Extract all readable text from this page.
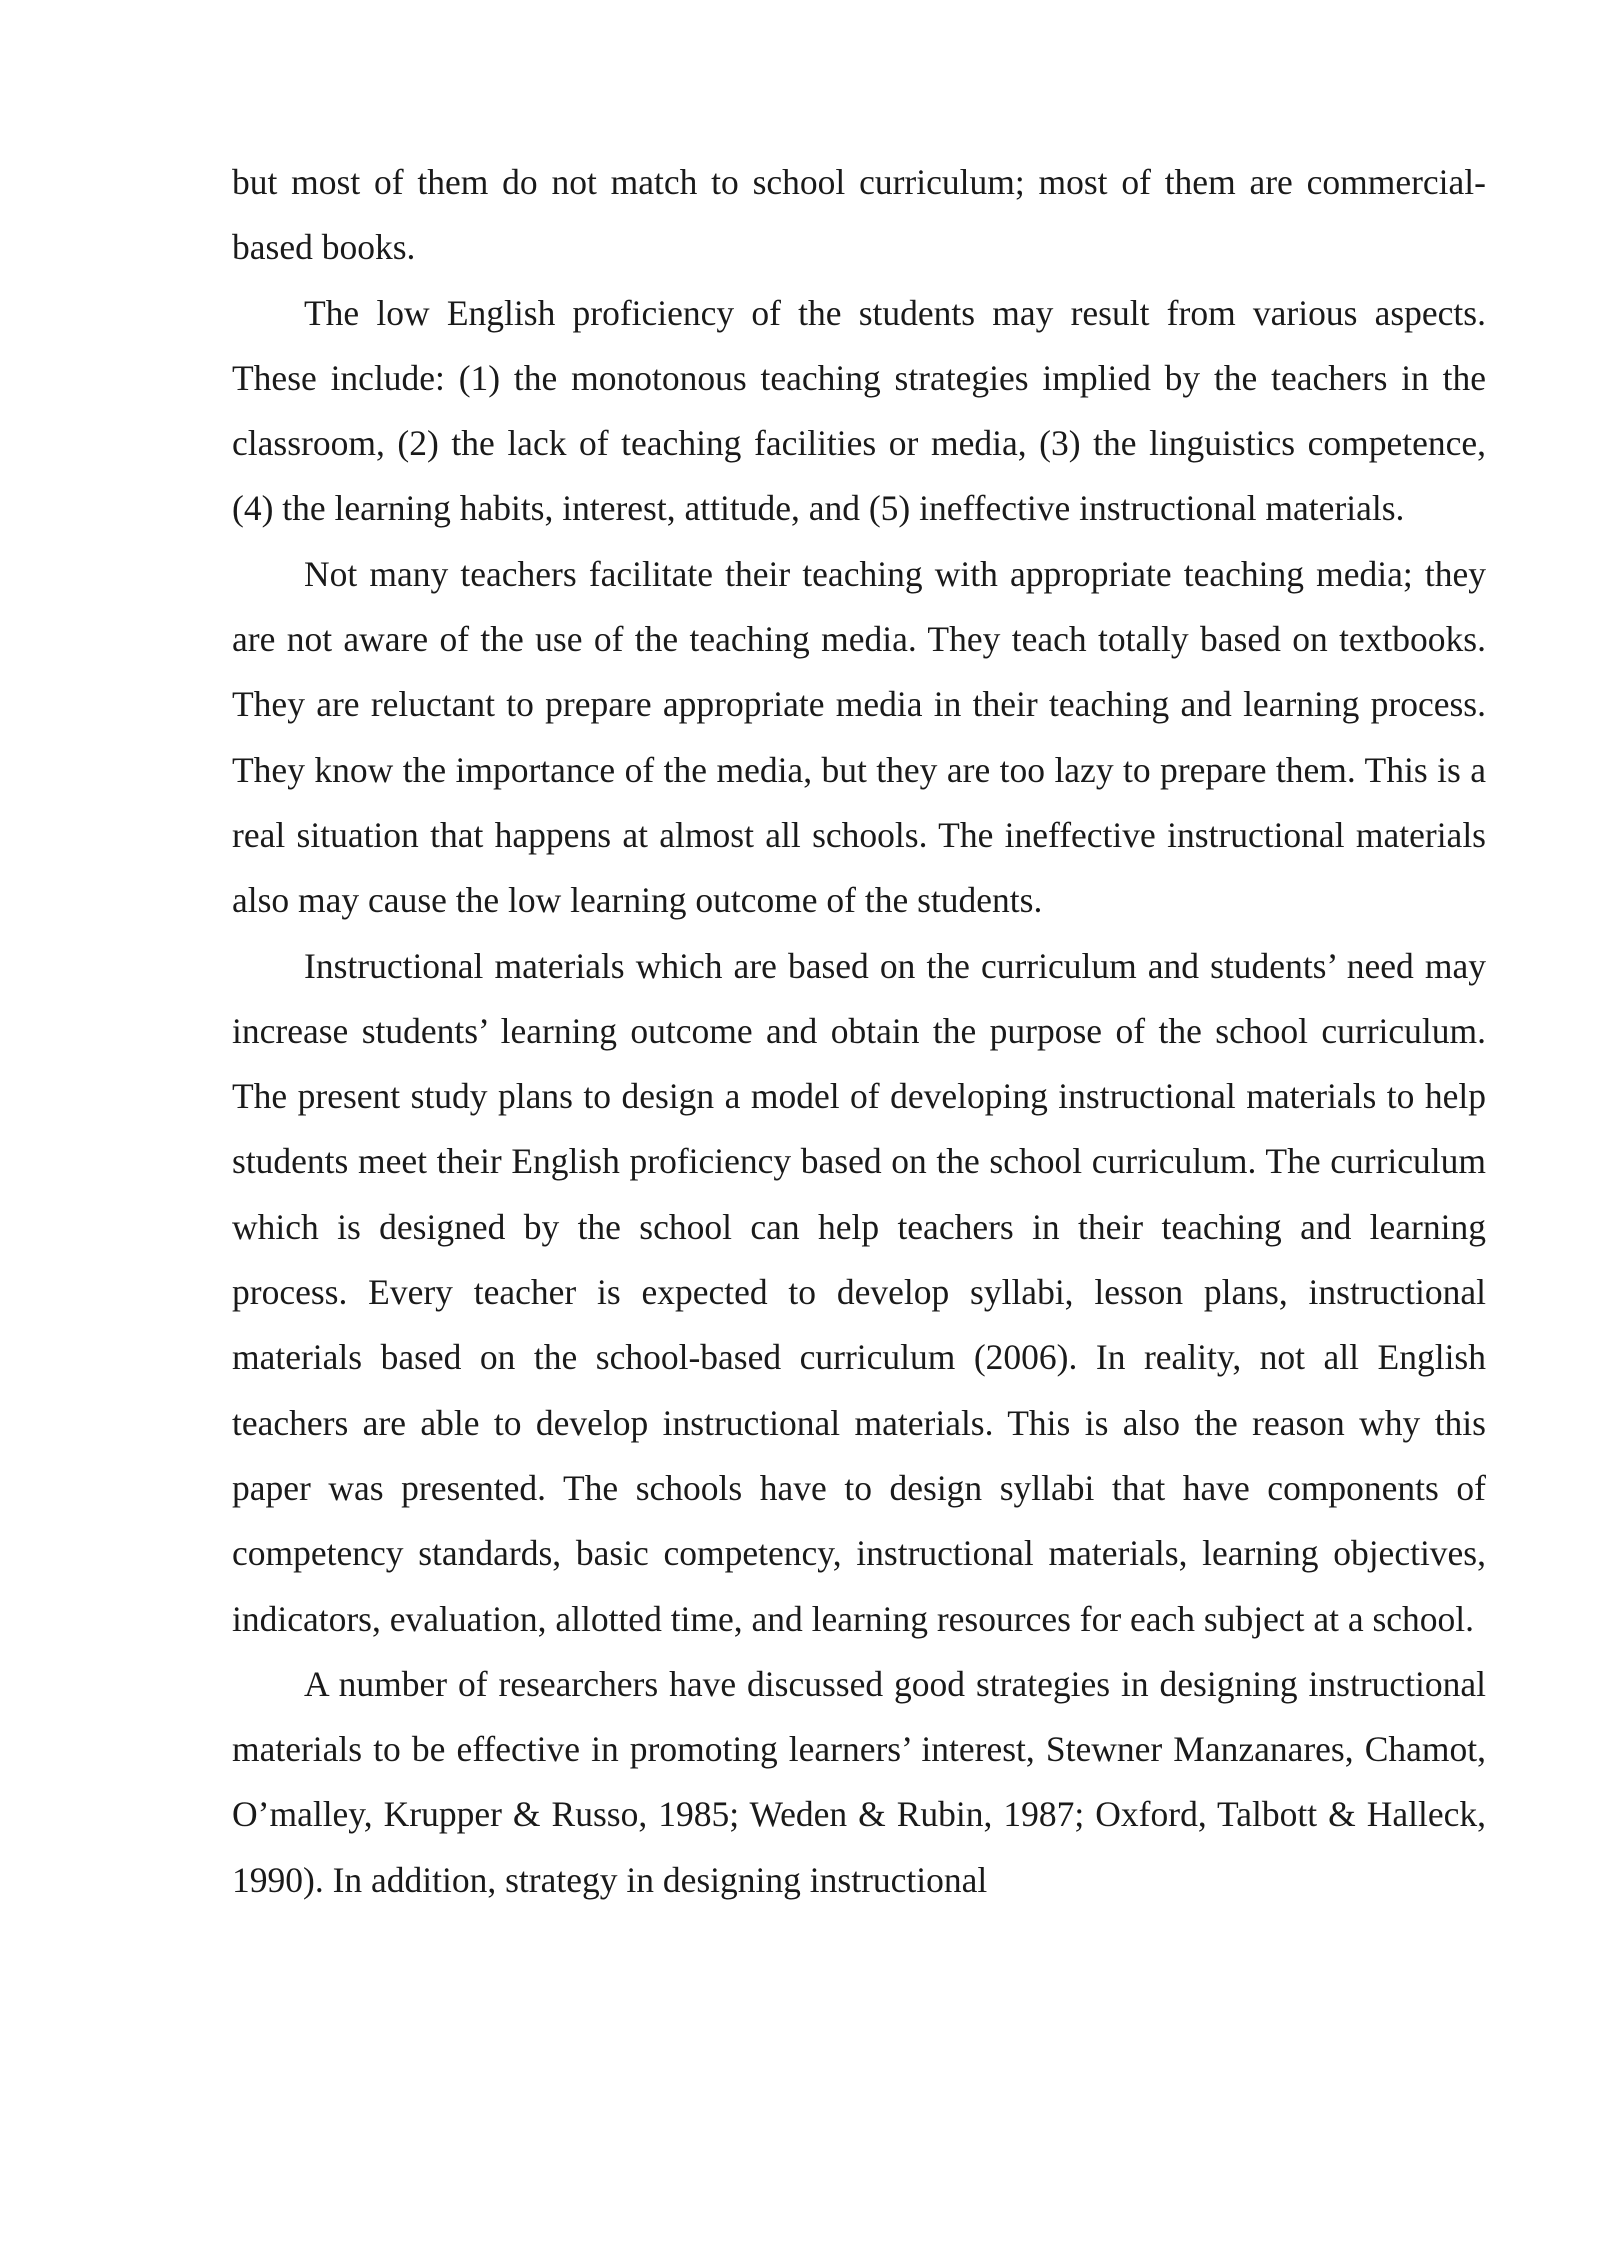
but most of them do not match to school curriculum; most of them are commercial-based books.

The low English proficiency of the students may result from various aspects. These include: (1) the monotonous teaching strategies implied by the teachers in the classroom, (2) the lack of teaching facilities or media, (3) the linguistics competence, (4) the learning habits, interest, attitude, and (5) ineffective instructional materials.

Not many teachers facilitate their teaching with appropriate teaching media; they are not aware of the use of the teaching media. They teach totally based on textbooks. They are reluctant to prepare appropriate media in their teaching and learning process. They know the importance of the media, but they are too lazy to prepare them. This is a real situation that happens at almost all schools. The ineffective instructional materials also may cause the low learning outcome of the students.

Instructional materials which are based on the curriculum and students’ need may increase students’ learning outcome and obtain the purpose of the school curriculum. The present study plans to design a model of developing instructional materials to help students meet their English proficiency based on the school curriculum. The curriculum which is designed by the school can help teachers in their teaching and learning process. Every teacher is expected to develop syllabi, lesson plans, instructional materials based on the school-based curriculum (2006). In reality, not all English teachers are able to develop instructional materials. This is also the reason why this paper was presented. The schools have to design syllabi that have components of competency standards, basic competency, instructional materials, learning objectives, indicators, evaluation, allotted time, and learning resources for each subject at a school.

A number of researchers have discussed good strategies in designing instructional materials to be effective in promoting learners’ interest, Stewner Manzanares, Chamot, O’malley, Krupper & Russo, 1985; Weden & Rubin, 1987; Oxford, Talbott & Halleck, 1990). In addition, strategy in designing instructional
